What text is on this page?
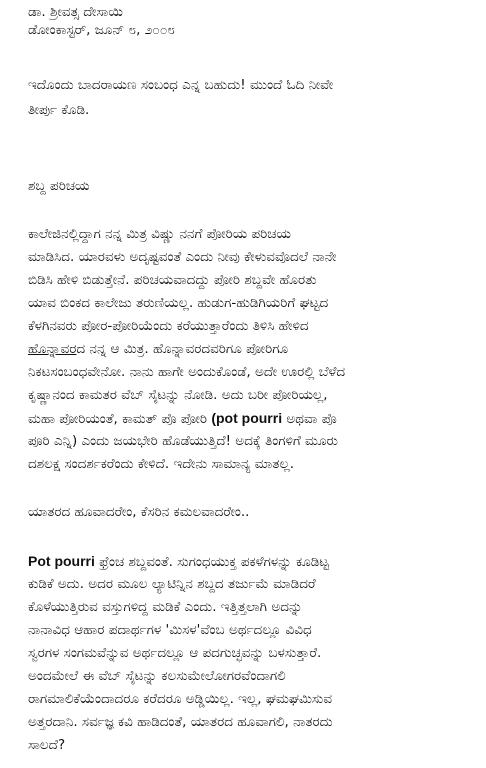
ಡಾ. ಶ್ರೀವತ್ಸ ದೇಸಾಯಿ
ಡೋಂಕಾಸ್ಟರ್, ಜೂನ್ ೮, ೨೦೦೮
ಇದೊಂದು ಬಾದರಾಯಣ ಸಂಬಂಧ ಎನ್ನ ಬಹುದು! ಮುಂದೆ ಓದಿ ನೀವೇ
ತೀರ್ಪು ಕೊಡಿ.
ಶಬ್ದ ಪರಿಚಯ
ಕಾಲೇಜಿನಲ್ಲಿದ್ದಾಗ ನನ್ನ ಮಿತ್ರ ವಿಷ್ಣು ನನಗೆ ಪೋರಿಯ ಪರಿಚಯ
ಮಾಡಿಸಿದ. ಯಾರವಳು ಅದೃಷ್ಟವಂತೆ ಎಂದು ನೀವು ಕೇಳುವವೊದಲೆ ನಾನೇ
ಬಿಡಿಸಿ ಹೇಳಿ ಬಿಡುತ್ತೇನೆ. ಪರಿಚಯವಾದದ್ದು ಪೋರಿ ಶಬ್ದವೇ ಹೊರತು
ಯಾವ ಬಿಂಕದ ಕಾಲೇಜು ತರುಣಿಯಲ್ಲ. ಹುಡುಗ-ಹುಡಿಗಿಯರಿಗೆ ಘಟ್ಟದ
ಕೆಳಗಿನವರು ಪೋರ-ಪೋರಿಯೆಂದು ಕರೆಯುತ್ತಾರೆಂದು ತಿಳಿಸಿ ಹೇಳಿದ
ಹೊನ್ನಾವರದ ನನ್ನ ಆ ಮಿತ್ರ. ಹೊನ್ನಾವರದವರಿಗೂ ಪೋರಿಗೂ
ನಿಕಟಸಂಬಂಧವೇನೋ. ನಾನು ಹಾಗೇ ಅಂದುಕೊಂಡೆ, ಅದೇ ಊರಲ್ಲಿ ಬೆಳೆದ
ಕೃಷ್ಣಾನಂದ ಕಾಮತರ ವೆಬ್ ಸೈಟನ್ನು ನೋಡಿ. ಅದು ಬರೀ ಪೋರಿಯಲ್ಲ,
ಮಹಾ ಪೋರಿಯಂತೆ, ಕಾಮತ್ ಪೊ ಪೋರಿ (pot pourri ಅಥವಾ ಪೊ
ಪೂರಿ ಎನ್ನಿ) ಎಂದು ಜಯಭೇರಿ ಹೊಡೆಯುತ್ತಿದೆ! ಅದಕ್ಕೆ ತಿಂಗಳಿಗೆ ಮೂರು
ದಶಲಕ್ಷ ಸಂದರ್ಶಕರೆಂದು ಕೇಳಿದೆ. ಇದೇನು ಸಾಮಾನ್ಯ ಮಾತಲ್ಲ.
ಯಾತರದ ಹೂವಾದರೇಂ, ಕೆಸರಿನ ಕಮಲವಾದರೇಂ..
Pot pourri ಫ್ರೆಂಚ ಶಬ್ದವಂತೆ. ಸುಗಂಧಯುಕ್ತ ಪಕಳೆಗಳನ್ನು ಕೂಡಿಟ್ಟ
ಕುಡಿಕೆ ಅದು. ಅದರ ಮೂಲ ಲ್ಯಾಟಿನ್ನಿನ ಶಬ್ದದ ತರ್ಜುಮೆ ಮಾಡಿದರೆ
ಕೊಳೆಯುತ್ತಿರುವ ವಸ್ತುಗಳಿದ್ದ ಮಡಿಕೆ ಎಂದು. ಇತ್ತಿತ್ತಲಾಗಿ ಅದನ್ನು
ನಾನಾವಿಧ ಆಹಾರ ಪದಾರ್ಥಗಳ 'ಮಿಸಳ'ವೆಂಬ ಅರ್ಥದಲ್ಲೂ ವಿವಿಧ
ಸ್ವರಗಳ ಸಂಗಮವೆನ್ನುವ ಅರ್ಥದಲ್ಲೂ ಆ ಪದಗುಚ್ಛವನ್ನು ಬಳಸುತ್ತಾರೆ.
ಅಂದಮೇಲೆ ಈ ವೆಬ್ ಸೈಟನ್ನು ಕಲಸುಮೇಲೋಗರವೆಂದಾಗಲಿ
ರಾಗಮಾಲಿಕೆಯೆಂದಾದರೂ ಕರೆದರೂ ಅಡ್ಡಿಯಿಲ್ಲ. ಇಲ್ಲ, ಘಮಘಮಿಸುವ
ಅತ್ತರದಾನಿ. ಸರ್ವಜ್ಞ ಕವಿ ಹಾಡಿದಂತೆ, ಯಾತರದ ಹೂವಾಗಲಿ, ನಾತರದು
ಸಾಲದೆ?
